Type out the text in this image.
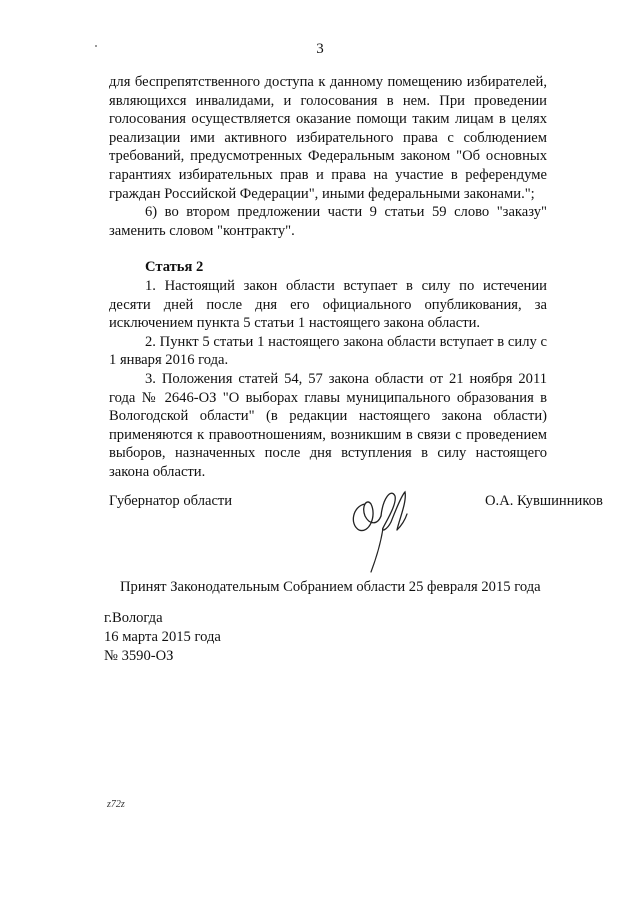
3

для беспрепятственного доступа к данному помещению избирателей, являющихся инвалидами, и голосования в нем. При проведении голосования осуществляется оказание помощи таким лицам в целях реализации ими активного избирательного права с соблюдением требований, предусмотренных Федеральным законом "Об основных гарантиях избирательных прав и права на участие в референдуме граждан Российской Федерации", иными федеральными законами.";

6) во втором предложении части 9 статьи 59 слово "заказу" заменить словом "контракту".

Статья 2

1. Настоящий закон области вступает в силу по истечении десяти дней после дня его официального опубликования, за исключением пункта 5 статьи 1 настоящего закона области.

2. Пункт 5 статьи 1 настоящего закона области вступает в силу с 1 января 2016 года.

3. Положения статей 54, 57 закона области от 21 ноября 2011 года № 2646-ОЗ "О выборах главы муниципального образования в Вологодской области" (в редакции настоящего закона области) применяются к правоотношениям, возникшим в связи с проведением выборов, назначенных после дня вступления в силу настоящего закона области.

Губернатор области	О.А. Кувшинников
Принят Законодательным Собранием области 25 февраля 2015 года
г.Вологда
16 марта 2015 года
№ 3590-ОЗ
z72z
